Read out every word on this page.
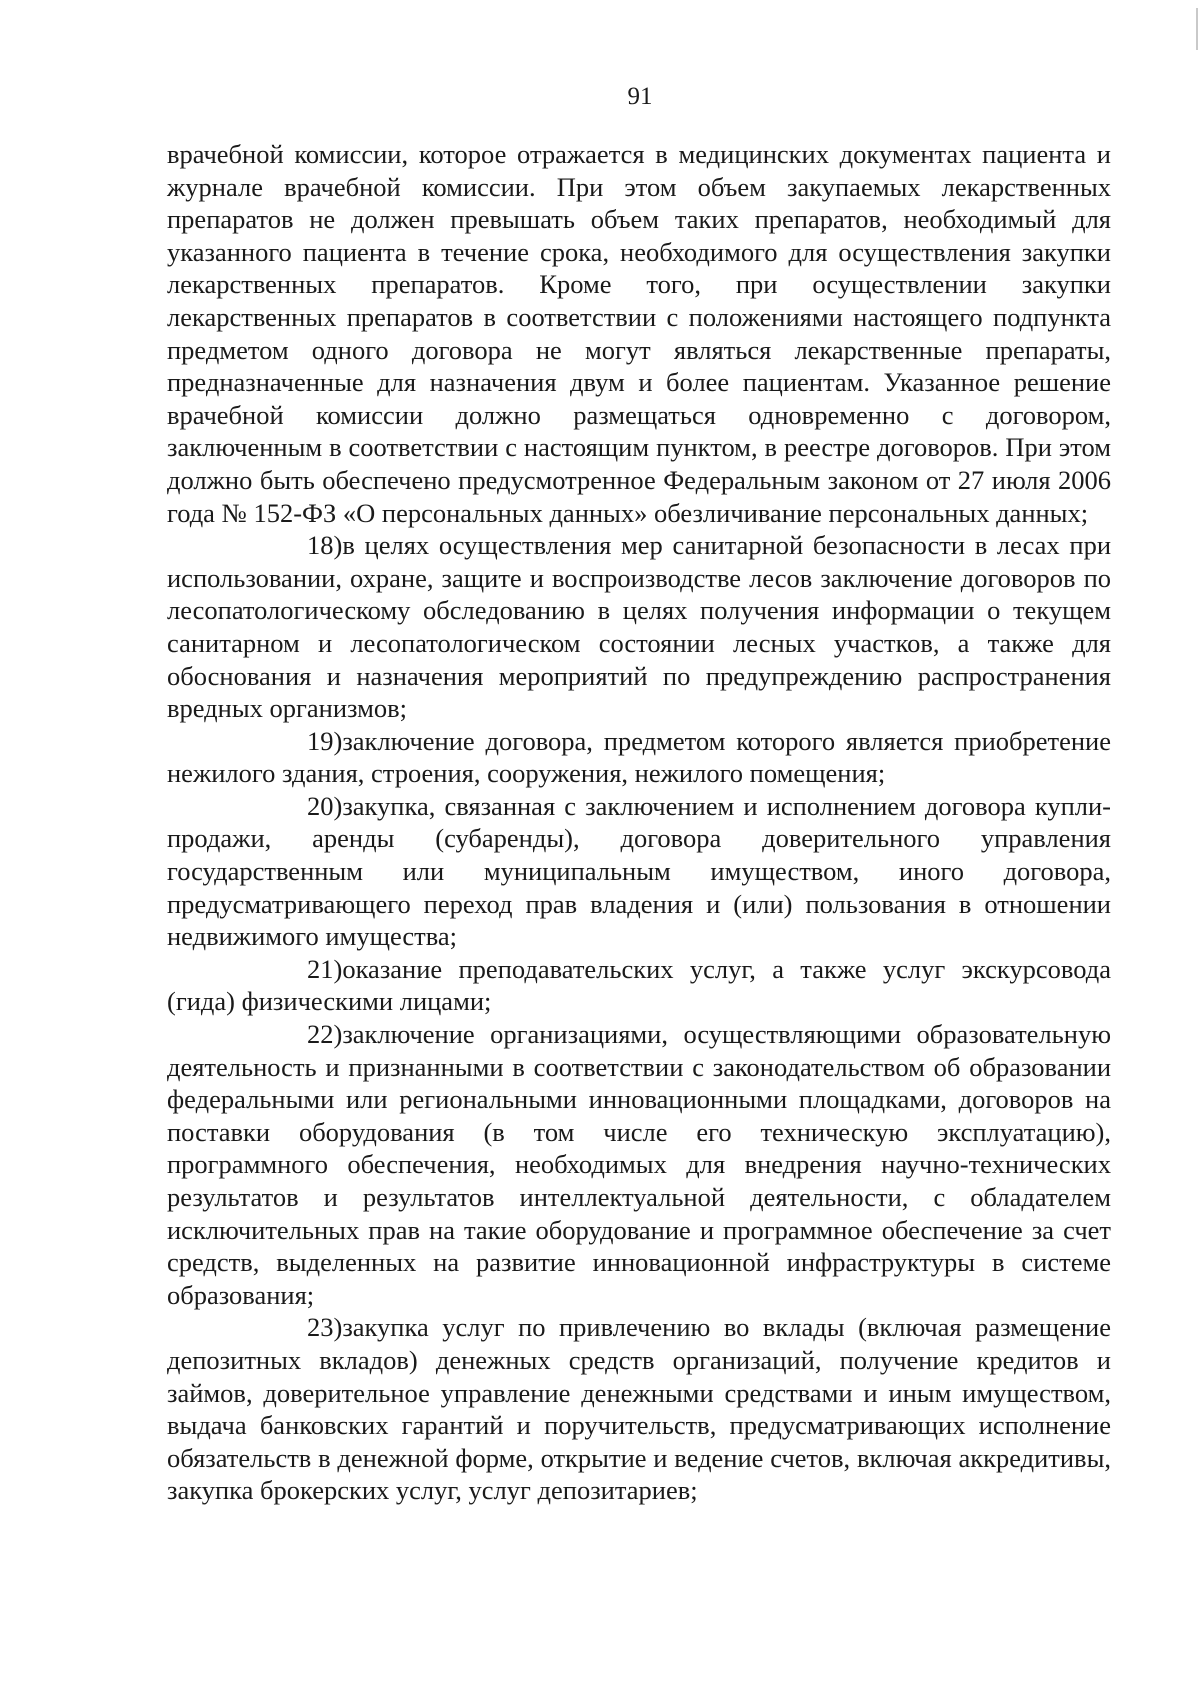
91

врачебной комиссии, которое отражается в медицинских документах пациента и журнале врачебной комиссии. При этом объем закупаемых лекарственных препаратов не должен превышать объем таких препаратов, необходимый для указанного пациента в течение срока, необходимого для осуществления закупки лекарственных препаратов. Кроме того, при осуществлении закупки лекарственных препаратов в соответствии с положениями настоящего подпункта предметом одного договора не могут являться лекарственные препараты, предназначенные для назначения двум и более пациентам. Указанное решение врачебной комиссии должно размещаться одновременно с договором, заключенным в соответствии с настоящим пунктом, в реестре договоров. При этом должно быть обеспечено предусмотренное Федеральным законом от 27 июля 2006 года № 152-ФЗ «О персональных данных» обезличивание персональных данных;

18)в целях осуществления мер санитарной безопасности в лесах при использовании, охране, защите и воспроизводстве лесов заключение договоров по лесопатологическому обследованию в целях получения информации о текущем санитарном и лесопатологическом состоянии лесных участков, а также для обоснования и назначения мероприятий по предупреждению распространения вредных организмов;

19)заключение договора, предметом которого является приобретение нежилого здания, строения, сооружения, нежилого помещения;

20)закупка, связанная с заключением и исполнением договора купли- продажи, аренды (субаренды), договора доверительного управления государственным или муниципальным имуществом, иного договора, предусматривающего переход прав владения и (или) пользования в отношении недвижимого имущества;

21)оказание преподавательских услуг, а также услуг экскурсовода (гида) физическими лицами;

22)заключение организациями, осуществляющими образовательную деятельность и признанными в соответствии с законодательством об образовании федеральными или региональными инновационными площадками, договоров на поставки оборудования (в том числе его техническую эксплуатацию), программного обеспечения, необходимых для внедрения научно-технических результатов и результатов интеллектуальной деятельности, с обладателем исключительных прав на такие оборудование и программное обеспечение за счет средств, выделенных на развитие инновационной инфраструктуры в системе образования;

23)закупка услуг по привлечению во вклады (включая размещение депозитных вкладов) денежных средств организаций, получение кредитов и займов, доверительное управление денежными средствами и иным имуществом, выдача банковских гарантий и поручительств, предусматривающих исполнение обязательств в денежной форме, открытие и ведение счетов, включая аккредитивы, закупка брокерских услуг, услуг депозитариев;
